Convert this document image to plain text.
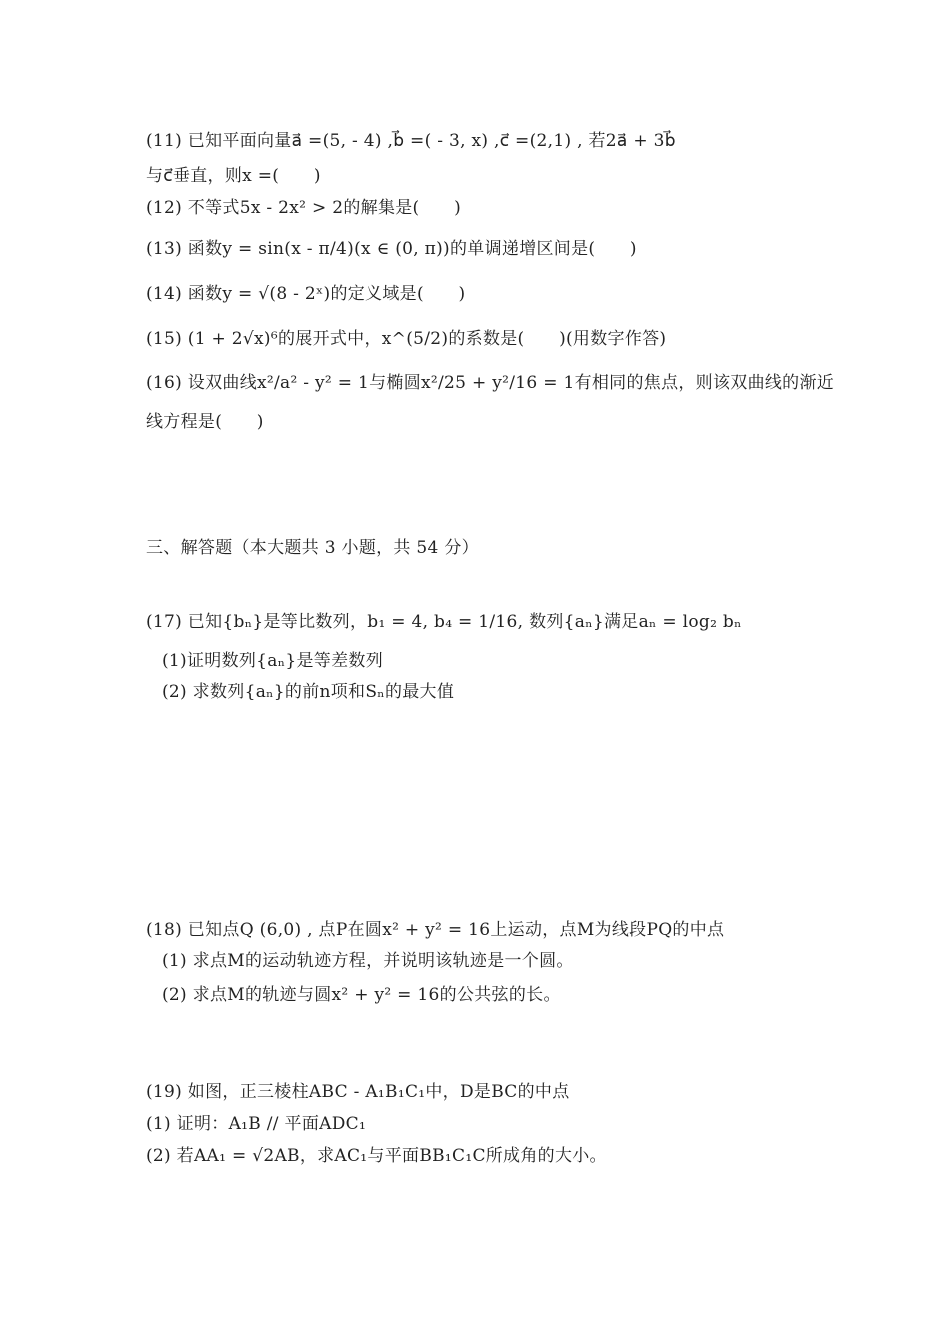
(11) 已知平面向量a⃗ =(5, - 4) ,b⃗ =( - 3, x) ,c⃗ =(2,1) , 若2a⃗ + 3b⃗
与c⃗垂直，则x =(　　)
(12) 不等式5x - 2x² > 2的解集是(　　)
(13) 函数y = sin(x - π/4)(x ∈ (0, π))的单调递增区间是(　　)
(14) 函数y = √(8 - 2ˣ)的定义域是(　　)
(15) (1 + 2√x)⁶的展开式中，x^(5/2)的系数是(　　)(用数字作答)
(16) 设双曲线x²/a² - y² = 1与椭圆x²/25 + y²/16 = 1有相同的焦点，则该双曲线的渐近
线方程是(　　)
三、解答题（本大题共 3 小题，共 54 分）
(17) 已知{bₙ}是等比数列，b₁ = 4, b₄ = 1/16, 数列{aₙ}满足aₙ = log₂ bₙ
(1)证明数列{aₙ}是等差数列
(2) 求数列{aₙ}的前n项和Sₙ的最大值
(18) 已知点Q (6,0) , 点P在圆x² + y² = 16上运动，点M为线段PQ的中点
(1) 求点M的运动轨迹方程，并说明该轨迹是一个圆。
(2) 求点M的轨迹与圆x² + y² = 16的公共弦的长。
(19) 如图，正三棱柱ABC - A₁B₁C₁中，D是BC的中点
(1) 证明：A₁B // 平面ADC₁
(2) 若AA₁ = √2AB，求AC₁与平面BB₁C₁C所成角的大小。
